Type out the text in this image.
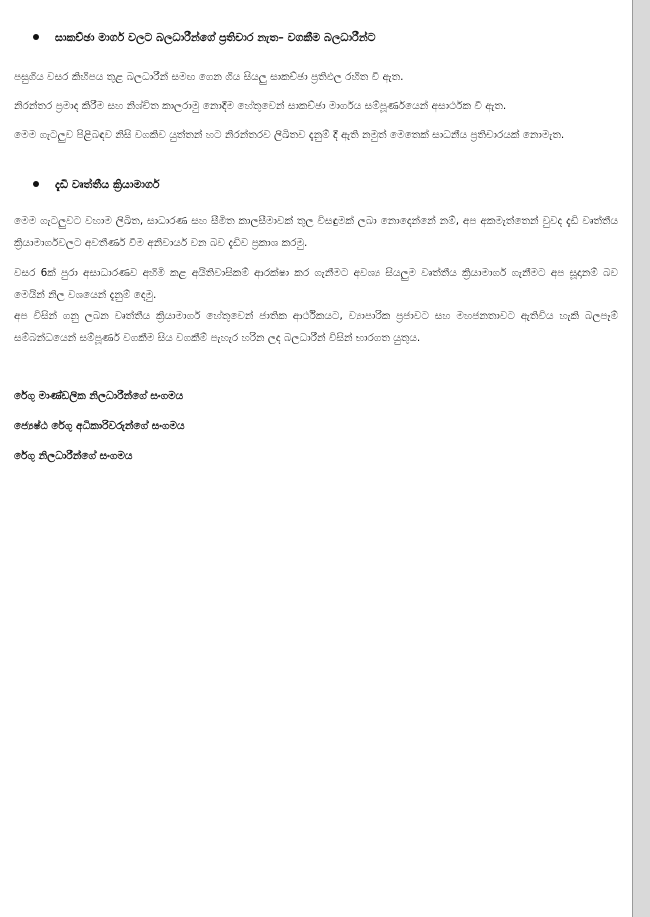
සාකච්ඡා මාර්ග වලට බලධාරීන්ගේ ප්‍රතිචාර නැත– වගකීම බලධාරීන්ට

පසුගිය වසර කිහිපය තුළ බලධාරීන් සමඟ ගෙන ගිය සියලු සාකච්ඡා ප්‍රතිඵල රහිත වී ඇත.

නිරන්තර ප්‍රමාද කිරීම සහ නිශ්චිත කාලරාමු නොදීම හේතුවෙන් සාකච්ඡා මාර්ගය සම්පූර්ණයෙන් අසාර්ථක වී ඇත.

මෙම ගැටලුව පිළිබඳව නිසි වගකිව යුත්තන් හට නිරන්තරව ලිඛිතව දැනුම් දී ඇති නමුත් මෙතෙක් සාධනීය ප්‍රතිචාරයක් නොමැත.

දැඩි වෘත්තීය ක්‍රියාමාර්ග

මෙම ගැටලුවට වහාම ලිඛිත, සාධාරණ සහ සීමිත කාලසීමාවක් තුල විසඳුමක් ලබා නොදෙන්නේ නම්, අප අකමැත්තෙන් වුවද දැඩි වෘත්තීය ක්‍රියාමාර්ගවලට අවතීර්ණ වීම අනිවාර්ය වන බව දැඩිව ප්‍රකාශ කරමු.

වසර 6ක් පුරා අසාධාරණව අහිමි කළ අයිතිවාසිකම් ආරක්ෂා කර ගැනීමට අවශ්‍ය සියලුම වෘත්තීය ක්‍රියාමාර්ග ගැනීමට අප සූදානම් බව මෙයින් නිල වශයෙන් දැනුම් දෙමු.

අප විසින් ගනු ලබන වෘත්තීය ක්‍රියාමාර්ග හේතුවෙන් ජාතික ආර්ථිකයට, ව්‍යාපාරික ප්‍රජාවට සහ මහජනතාවට ඇතිවිය හැකි බලපෑම් සම්බන්ධයෙන් සම්පූර්ණ වගකීම සිය වගකීම් පැහැර හරින ලද බලධාරීන් විසින් භාරගත යුතුය.

රේගු මාණ්ඩලික නිලධාරීන්ගේ සංගමය
ජ්‍යෙෂ්ඨ රේගු අධිකාරිවරුන්ගේ සංගමය
රේගු නිලධාරීන්ගේ සංගමය
